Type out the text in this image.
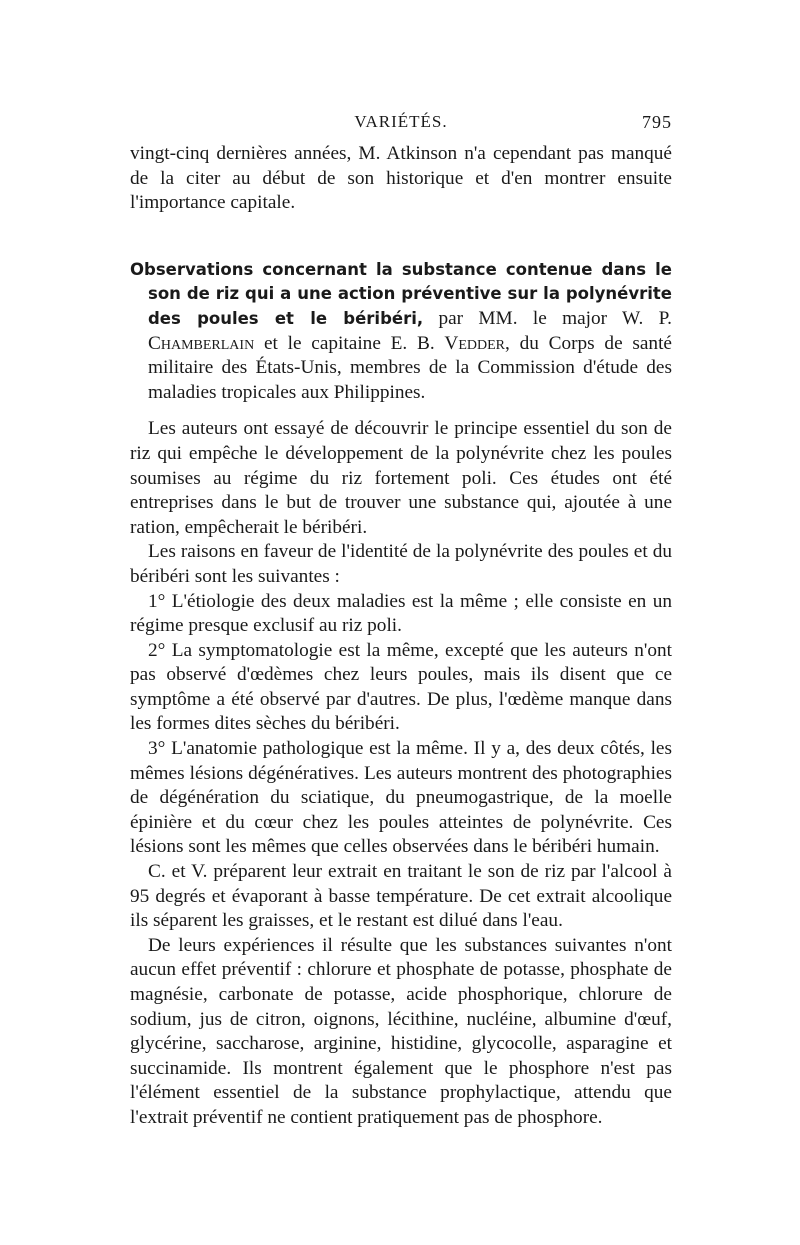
VARIÉTÉS.	795

vingt-cinq dernières années, M. Atkinson n'a cependant pas manqué de la citer au début de son historique et d'en montrer ensuite l'importance capitale.

Observations concernant la substance contenue dans le son de riz qui a une action préventive sur la polynévrite des poules et le béribéri, par MM. le major W. P. Chamberlain et le capitaine E. B. Vedder, du Corps de santé militaire des États-Unis, membres de la Commission d'étude des maladies tropicales aux Philippines.

Les auteurs ont essayé de découvrir le principe essentiel du son de riz qui empêche le développement de la polynévrite chez les poules soumises au régime du riz fortement poli. Ces études ont été entreprises dans le but de trouver une substance qui, ajoutée à une ration, empêcherait le béribéri.

Les raisons en faveur de l'identité de la polynévrite des poules et du béribéri sont les suivantes :

1° L'étiologie des deux maladies est la même ; elle consiste en un régime presque exclusif au riz poli.

2° La symptomatologie est la même, excepté que les auteurs n'ont pas observé d'œdèmes chez leurs poules, mais ils disent que ce symptôme a été observé par d'autres. De plus, l'œdème manque dans les formes dites sèches du béribéri.

3° L'anatomie pathologique est la même. Il y a, des deux côtés, les mêmes lésions dégénératives. Les auteurs montrent des photographies de dégénération du sciatique, du pneumogastrique, de la moelle épinière et du cœur chez les poules atteintes de polynévrite. Ces lésions sont les mêmes que celles observées dans le béribéri humain.

C. et V. préparent leur extrait en traitant le son de riz par l'alcool à 95 degrés et évaporant à basse température. De cet extrait alcoolique ils séparent les graisses, et le restant est dilué dans l'eau.

De leurs expériences il résulte que les substances suivantes n'ont aucun effet préventif : chlorure et phosphate de potasse, phosphate de magnésie, carbonate de potasse, acide phosphorique, chlorure de sodium, jus de citron, oignons, lécithine, nucléine, albumine d'œuf, glycérine, saccharose, arginine, histidine, glycocolle, asparagine et succinamide. Ils montrent également que le phosphore n'est pas l'élément essentiel de la substance prophylactique, attendu que l'extrait préventif ne contient pratiquement pas de phosphore.
